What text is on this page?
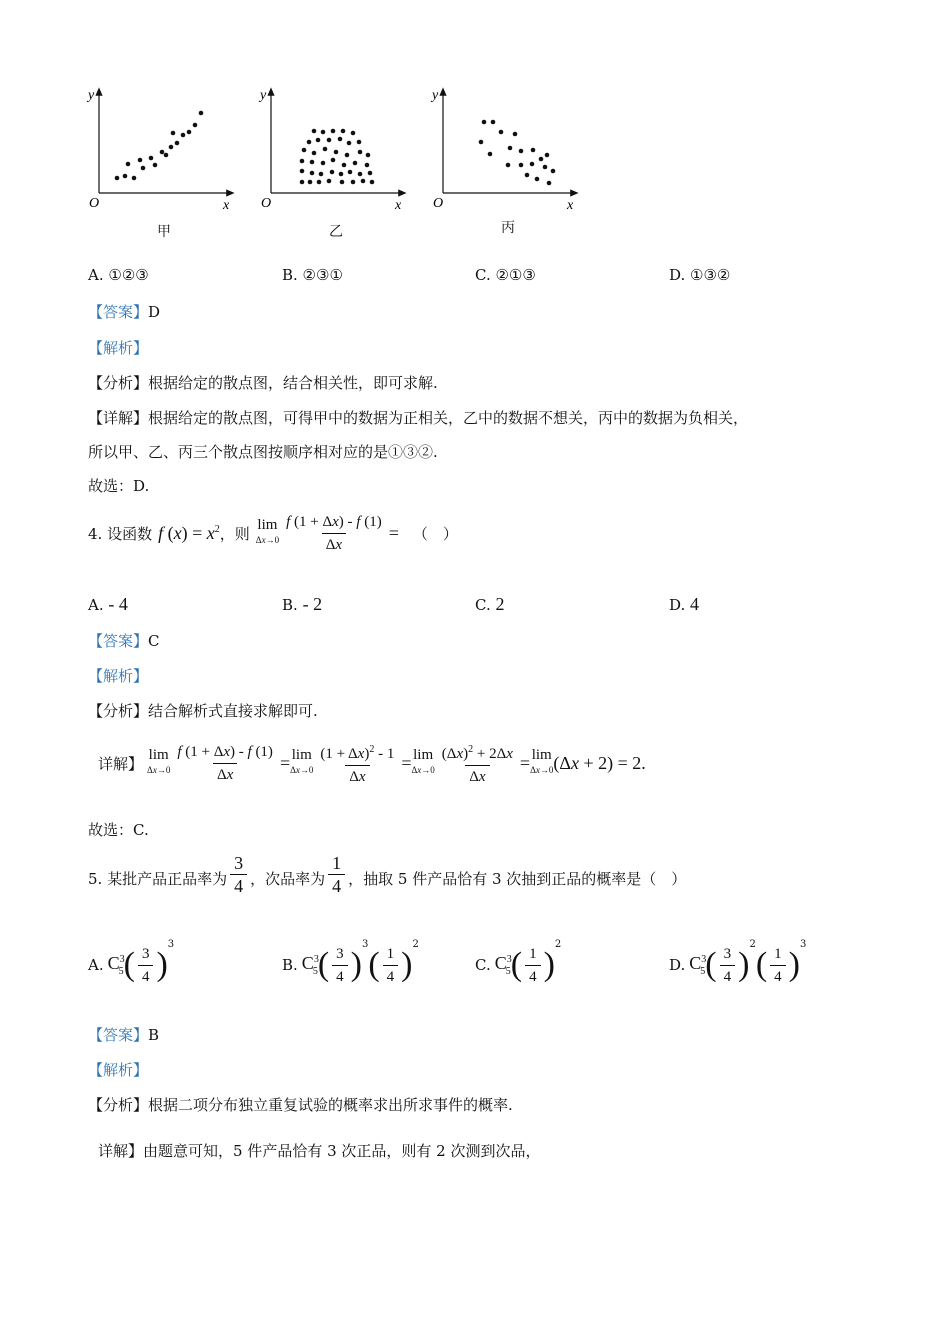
y
O	x
甲
y
O	x
乙
y
O	x
丙
A. ①②③	B. ②③①	C. ②①③	D. ①③②
【答案】D
【解析】
【分析】根据给定的散点图，结合相关性，即可求解.
【详解】根据给定的散点图，可得甲中的数据为正相关，乙中的数据不想关，丙中的数据为负相关，
所以甲、乙、丙三个散点图按顺序相对应的是①③②.
故选：D.
4. 设函数 f $(x) = x^2$ ，则 lim
$\Delta x\to 0 \frac{f (1 + \Delta x) - f (1)}{\Delta x}$ = （　）
A. - 4	B. - 2	C. 2	D. 4
【答案】C
【解析】
【分析】结合解析式直接求解即可.
详解】 lim
$\Delta x\to 0 \frac{f (1 + \Delta x) - f (1)}{\Delta x} = \lim$
$\Delta x\to 0 \frac{(1 + \Delta x)^2 - 1}{\Delta x} = \lim$
$\Delta x\to 0 \frac{(\Delta x)^2 + 2\Delta x}{\Delta x} = \lim$
Δx→0 (Δx + 2) = 2.
故选：C.
5. 某批产品正品率为 $\frac{3}{4}$ ，次品率为 $\frac{1}{4}$ ，抽取 5 件产品恰有 3 次抽到正品的概率是（　）
A. $C^3_5$ ( $\frac{3}{4}$ )
3
B. $C^3_5$ ( $\frac{3}{4}$ )
3
( $\frac{1}{4}$ )
2
C. $C^3_5$ ( $\frac{1}{4}$ )
2
D. $C^3_5$ ( $\frac{3}{4}$ )
2
( $\frac{1}{4}$ )
3
【答案】B
【解析】
【分析】根据二项分布独立重复试验的概率求出所求事件的概率.
详解】由题意可知，5 件产品恰有 3 次正品，则有 2 次测到次品，
